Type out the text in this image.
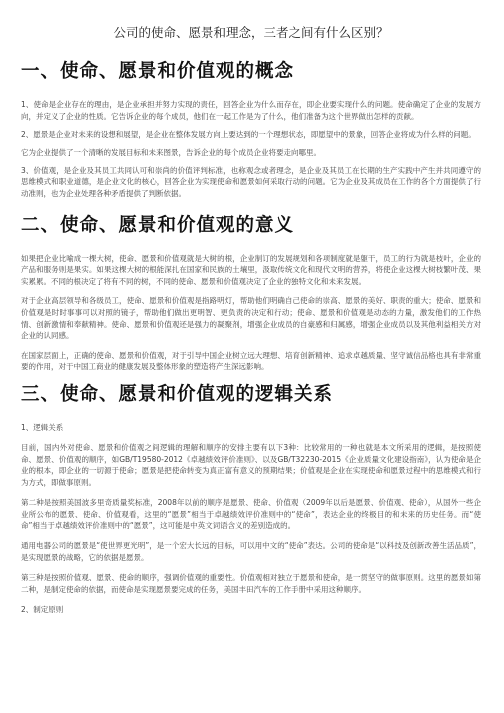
公司的使命、愿景和理念，三者之间有什么区别？
一、使命、愿景和价值观的概念

1、使命是企业存在的理由，是企业承担并努力实现的责任，回答企业为什么而存在，即企业要实现什么的问题。使命确定了企业的发展方向，并定义了企业的性质。它告诉企业的每个成员，他们在一起工作是为了什么，他们准备为这个世界做出怎样的贡献。

2、愿景是企业对未来的设想和展望，是企业在整体发展方向上要达到的一个理想状态，即愿望中的景象，回答企业将成为什么样的问题。

它为企业提供了一个清晰的发展目标和未来图景，告诉企业的每个成员企业将要走向哪里。

3、价值观，是企业及其员工共同认可和崇尚的价值评判标准，也称观念或者理念，是企业及其员工在长期的生产实践中产生并共同遵守的思维模式和职业道德，是企业文化的核心，回答企业为实现使命和愿景如何采取行动的问题。它为企业及其成员在工作的各个方面提供了行动准则，也为企业处理各种矛盾提供了判断依据。

二、使命、愿景和价值观的意义

如果把企业比喻成一棵大树，使命、愿景和价值观就是大树的根，企业制订的发展规划和各项制度就是躯干，员工的行为就是枝叶，企业的产品和服务则是果实。如果这棵大树的根能深扎在国家和民族的土壤里，汲取传统文化和现代文明的营养，将使企业这棵大树枝繁叶茂、果实累累。不同的根决定了将有不同的树，不同的使命、愿景和价值观决定了企业的独特文化和未来发展。

对于企业高层领导和各级员工，使命、愿景和价值观是指路明灯，帮助他们明确自己使命的崇高、愿景的美好、职责的重大；使命、愿景和价值观是时时事事可以对照的镜子，帮助他们做出更明智、更负责的决定和行动；使命、愿景和价值观是动态的力量，激发他们的工作热情、创新激情和奉献精神。使命、愿景和价值观还是强力的凝聚剂，增强企业成员的自豪感和归属感，增强企业成员以及其他利益相关方对企业的认同感。

在国家层面上，正确的使命、愿景和价值观，对于引导中国企业树立远大理想、培育创新精神、追求卓越质量、坚守诚信品格也具有非常重要的作用，对于中国工商业的健康发展及整体形象的塑造将产生深远影响。

三、使命、愿景和价值观的逻辑关系

1、逻辑关系

目前，国内外对使命、愿景和价值观之间逻辑的理解和顺序的安排主要有以下3种：比较常用的一种也就是本文所采用的逻辑，是按照使命、愿景、价值观的顺序，如GB/T19580-2012《卓越绩效评价准则》、以及GB/T32230-2015《企业质量文化建设指南》，认为使命是企业的根本，即企业的一切源于使命；愿景是把使命转变为真正富有意义的预期结果；价值观是企业在实现使命和愿景过程中的思维模式和行为方式，即做事原则。

第二种是按照美国波多里奇质量奖标准，2008年以前的顺序是愿景、使命、价值观（2009年以后是愿景、价值观、使命），从国外一些企业所公布的愿景、使命、价值观看，这里的“愿景”相当于卓越绩效评价准则中的“使命”，表达企业的终极目的和未来的历史任务。而“使命”相当于卓越绩效评价准则中的“愿景”，这可能是中英文词语含义的差别造成的。

通用电器公司的愿景是“使世界更光明”，是一个宏大长远的目标，可以用中文的“使命”表达。公司的使命是“以科技及创新改善生活品质”，是实现愿景的战略，它的依据是愿景。

第三种是按照价值观、愿景、使命的顺序，强调价值观的重要性。价值观相对独立于愿景和使命，是一贯坚守的做事原则。这里的愿景如第二种，是制定使命的依据，而使命是实现愿景要完成的任务，美国丰田汽车的工作手册中采用这种顺序。

2、制定原则
